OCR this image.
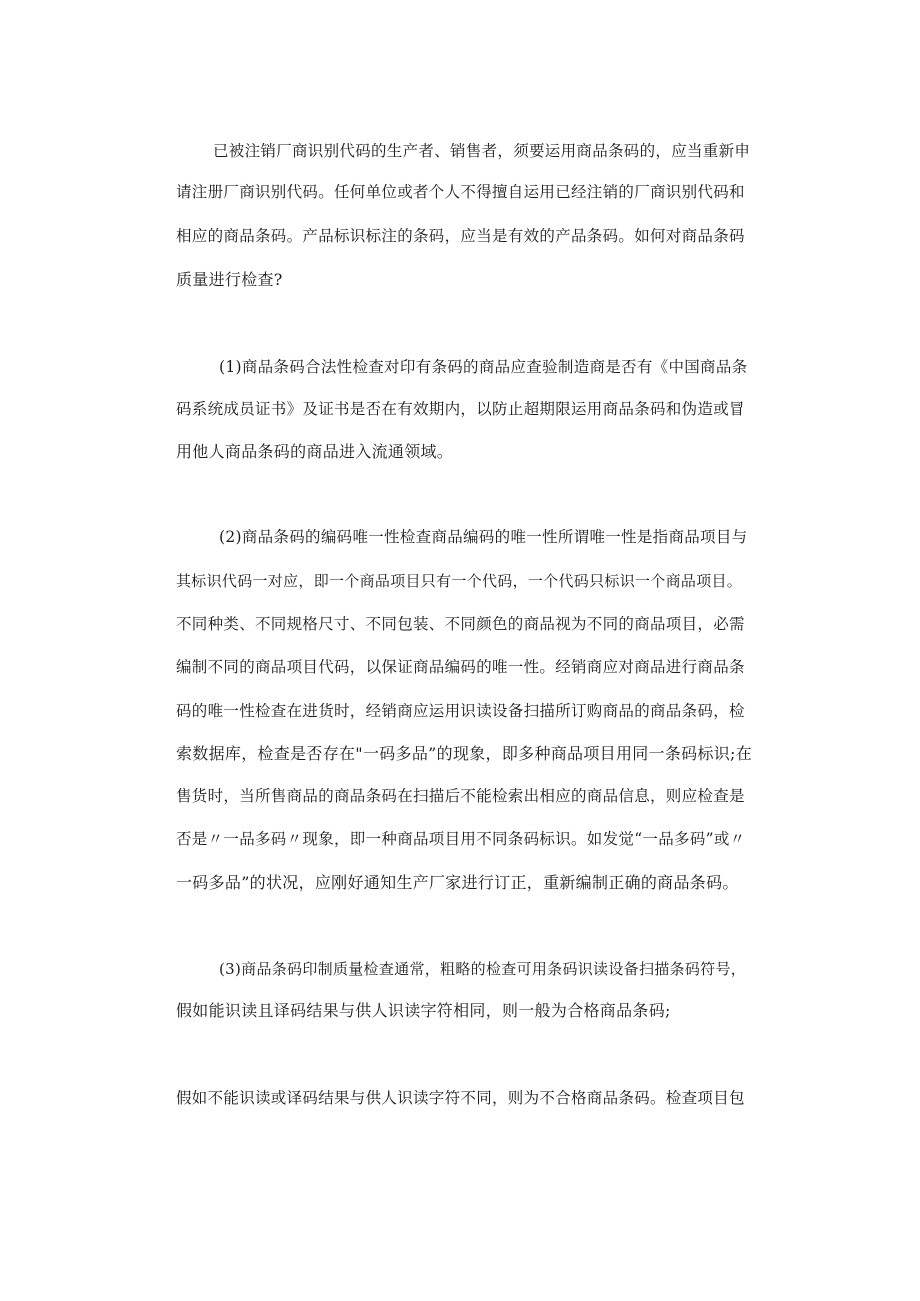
已被注销厂商识别代码的生产者、销售者，须要运用商品条码的，应当重新申
请注册厂商识别代码。任何单位或者个人不得擅自运用已经注销的厂商识别代码和
相应的商品条码。产品标识标注的条码，应当是有效的产品条码。如何对商品条码
质量进行检查?
(1)商品条码合法性检查对印有条码的商品应查验制造商是否有《中国商品条
码系统成员证书》及证书是否在有效期内，以防止超期限运用商品条码和伪造或冒
用他人商品条码的商品进入流通领域。
(2)商品条码的编码唯一性检查商品编码的唯一性所谓唯一性是指商品项目与
其标识代码一对应，即一个商品项目只有一个代码，一个代码只标识一个商品项目。
不同种类、不同规格尺寸、不同包装、不同颜色的商品视为不同的商品项目，必需
编制不同的商品项目代码，以保证商品编码的唯一性。经销商应对商品进行商品条
码的唯一性检查在进货时，经销商应运用识读设备扫描所订购商品的商品条码，检
索数据库，检查是否存在"一码多品”的现象，即多种商品项目用同一条码标识;在
售货时，当所售商品的商品条码在扫描后不能检索出相应的商品信息，则应检查是
否是〃一品多码〃现象，即一种商品项目用不同条码标识。如发觉“一品多码”或〃
一码多品”的状况，应刚好通知生产厂家进行订正，重新编制正确的商品条码。
(3)商品条码印制质量检查通常，粗略的检查可用条码识读设备扫描条码符号，
假如能识读且译码结果与供人识读字符相同，则一般为合格商品条码;
假如不能识读或译码结果与供人识读字符不同，则为不合格商品条码。检查项目包
